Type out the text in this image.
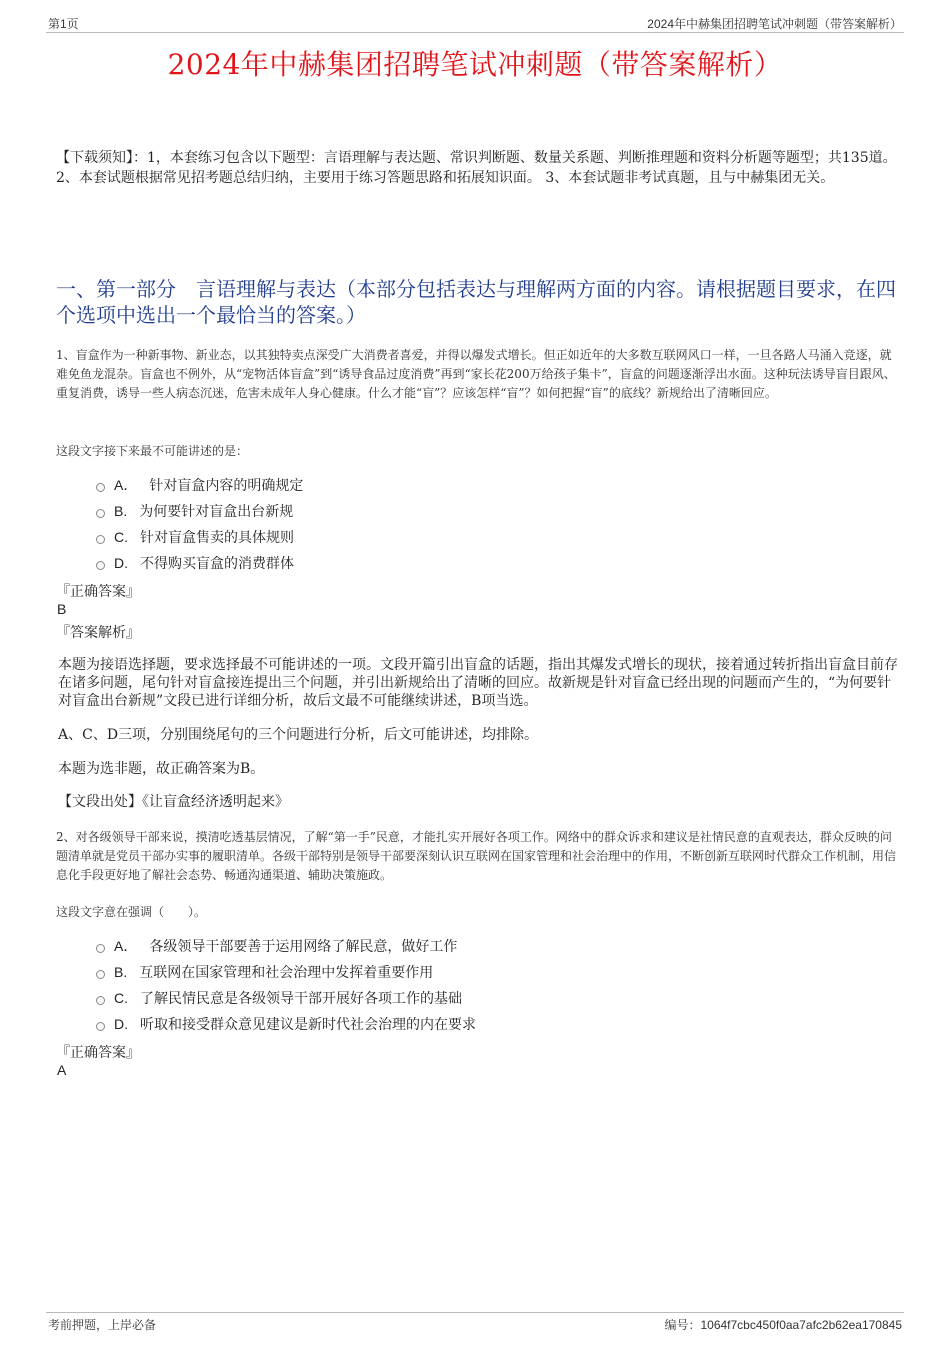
第1页	2024年中赫集团招聘笔试冲刺题（带答案解析）
2024年中赫集团招聘笔试冲刺题（带答案解析）
【下载须知】：1，本套练习包含以下题型：言语理解与表达题、常识判断题、数量关系题、判断推理题和资料分析题等题型；共135道。 2、本套试题根据常见招考题总结归纳，主要用于练习答题思路和拓展知识面。 3、本套试题非考试真题，且与中赫集团无关。
一、第一部分　言语理解与表达（本部分包括表达与理解两方面的内容。请根据题目要求，在四个选项中选出一个最恰当的答案。）
1、盲盒作为一种新事物、新业态，以其独特卖点深受广大消费者喜爱，并得以爆发式增长。但正如近年的大多数互联网风口一样，一旦各路人马涌入竞逐，就难免鱼龙混杂。盲盒也不例外，从“宠物活体盲盒”到“诱导食品过度消费”再到“家长花200万给孩子集卡”，盲盒的问题逐渐浮出水面。这种玩法诱导盲目跟风、重复消费，诱导一些人病态沉迷，危害未成年人身心健康。什么才能“盲”？应该怎样“盲”？如何把握“盲”的底线？新规给出了清晰回应。
这段文字接下来最不可能讲述的是：
A． 针对盲盒内容的明确规定
B. 为何要针对盲盒出台新规
C. 针对盲盒售卖的具体规则
D. 不得购买盲盒的消费群体
『正确答案』
B
『答案解析』
本题为接语选择题，要求选择最不可能讲述的一项。文段开篇引出盲盒的话题，指出其爆发式增长的现状，接着通过转折指出盲盒目前存在诸多问题，尾句针对盲盒接连提出三个问题，并引出新规给出了清晰的回应。故新规是针对盲盒已经出现的问题而产生的，“为何要针对盲盒出台新规”文段已进行详细分析，故后文最不可能继续讲述，B项当选。
A、C、D三项，分别围绕尾句的三个问题进行分析，后文可能讲述，均排除。
本题为选非题，故正确答案为B。
【文段出处】《让盲盒经济透明起来》
2、对各级领导干部来说，摸清吃透基层情况，了解“第一手”民意，才能扎实开展好各项工作。网络中的群众诉求和建议是社情民意的直观表达，群众反映的问题清单就是党员干部办实事的履职清单。各级干部特别是领导干部要深刻认识互联网在国家管理和社会治理中的作用，不断创新互联网时代群众工作机制，用信息化手段更好地了解社会态势、畅通沟通渠道、辅助决策施政。
这段文字意在强调（　　）。
A． 各级领导干部要善于运用网络了解民意，做好工作
B. 互联网在国家管理和社会治理中发挥着重要作用
C. 了解民情民意是各级领导干部开展好各项工作的基础
D. 听取和接受群众意见建议是新时代社会治理的内在要求
『正确答案』
A
考前押题，上岸必备	编号：1064f7cbc450f0aa7afc2b62ea170845
